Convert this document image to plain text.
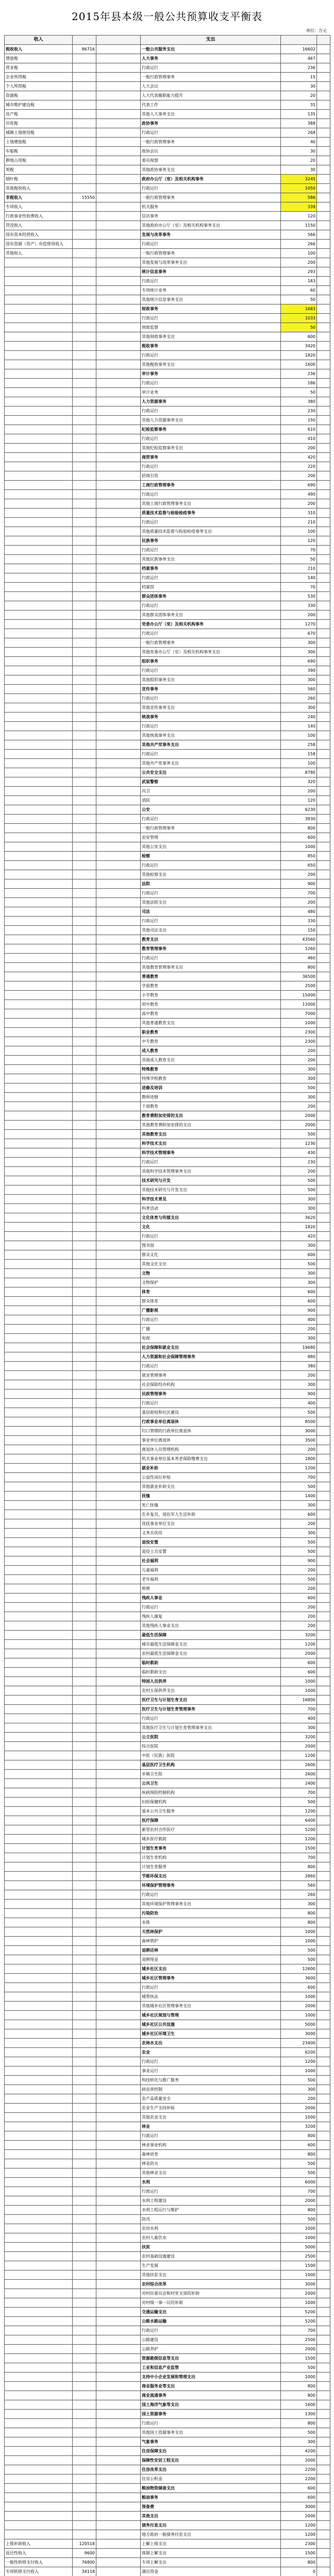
2015年县本级一般公共预算收支平衡表
单位：万元
收入			支出		
税收收入	86716		一般公共服务支出	16602	
增值税			人大事务	467	
营业税			行政运行	236	
企业所得税			一般行政管理事务	15	
个人所得税			人大会议	30	
资源税			人大代表履职能力提升	20	
城市维护建设税			代表工作	31	
房产税			其他人大事务支出	135	
印花税			政协事务	388	
城镇土地使用税			行政运行	268	
土地增值税			一般行政管理事务	40	
车船税			政协会议	30	
耕地占用税			委员视察	20	
契税			其他政协事务支出	30	
烟叶税			政府办公厅（室）及相关机构事务	3245	
其他税收收入			行政运行	1050	
非税收入	15550		一般行政管理事务	586	
专项收入			机关服务	339	
行政事业性收费收入			信访事务	120	
罚没收入			其他政府办公厅（室）及相关机构事务支出	1150	
国有资本经营收入			发展与改革事务	566	
国有资源（资产）有偿使用收入			行政运行	266	
其他收入			一般行政管理事务	100	
			其他发展与改革事务支出	200	
			统计信息事务	293	
			行政运行	183	
			专项统计业务	60	
			其他统计信息事务支出	50	
			财政事务	1683	
			行政运行	1033	
			财政监察	50	
			其他财政事务支出	600	
			税收事务	3420	
			行政运行	1820	
			其他税收事务支出	1600	
			审计事务	236	
			行政运行	186	
			审计业务	50	
			人力资源事务	380	
			行政运行	230	
			其他人力资源事务支出	150	
			纪检监察事务	610	
			行政运行	410	
			其他纪检监察事务支出	200	
			商贸事务	420	
			行政运行	220	
			招商引资	200	
			工商行政管理事务	690	
			行政运行	490	
			其他工商行政管理事务支出	200	
			质量技术监督与检验检疫事务	310	
			行政运行	210	
			其他质量技术监督与检验检疫事务支出	100	
			民族事务	120	
			行政运行	70	
			其他民族事务支出	50	
			档案事务	210	
			行政运行	140	
			档案馆	70	
			群众团体事务	530	
			行政运行	330	
			其他群众团体事务支出	200	
			党委办公厅（室）及相关机构事务	1270	
			行政运行	670	
			一般行政管理事务	300	
			其他党委办公厅（室）及相关机构事务支出	300	
			组织事务	690	
			行政运行	390	
			其他组织事务支出	300	
			宣传事务	560	
			行政运行	260	
			其他宣传事务支出	300	
			统战事务	240	
			行政运行	140	
			其他统战事务支出	100	
			其他共产党事务支出	258	
			行政运行	158	
			其他共产党事务支出	100	
			公共安全支出	8780	
			武装警察	320	
			内卫	200	
			消防	120	
			公安	6230	
			行政运行	3830	
			一般行政管理事务	800	
			治安管理	600	
			其他公安支出	1000	
			检察	850	
			行政运行	650	
			其他检察支出	200	
			法院	900	
			行政运行	700	
			其他法院支出	200	
			司法	480	
			行政运行	330	
			其他司法支出	150	
			教育支出	43560	
			教育管理事务	1260	
			行政运行	460	
			其他教育管理事务支出	800	
			普通教育	36500	
			学前教育	2500	
			小学教育	15000	
			初中教育	11000	
			高中教育	7000	
			其他普通教育支出	1000	
			职业教育	2300	
			中专教育	2300	
			成人教育	200	
			其他成人教育支出	200	
			特殊教育	300	
			特殊学校教育	300	
			进修及培训	500	
			教师进修	300	
			干部教育	200	
			教育费附加安排的支出	2000	
			其他教育费附加安排的支出	2000	
			其他教育支出	500	
			科学技术支出	1230	
			科学技术管理事务	430	
			行政运行	230	
			其他科学技术管理事务支出	200	
			技术研究与开发	500	
			其他技术研究与开发支出	500	
			科学技术普及	300	
			科普活动	300	
			文化体育与传媒支出	3620	
			文化	1820	
			行政运行	420	
			图书馆	300	
			群众文化	600	
			其他文化支出	500	
			文物	300	
			文物保护	300	
			体育	600	
			群众体育	600	
			广播影视	900	
			行政运行	400	
			广播	200	
			电视	300	
			社会保障和就业支出	19680	
			人力资源和社会保障管理事务	880	
			行政运行	380	
			就业管理事务	200	
			社会保险经办机构	300	
			民政管理事务	900	
			行政运行	400	
			基层政权和社区建设	500	
			行政事业单位离退休	8500	
			归口管理的行政单位离退休	3000	
			事业单位离退休	3500	
			离退休人员管理机构	200	
			机关事业单位基本养老保险缴费支出	1800	
			就业补助	1200	
			公益性岗位补贴	700	
			其他就业补助支出	500	
			抚恤	1400	
			死亡抚恤	300	
			在乡复员、退伍军人生活补助	600	
			优抚事业单位支出	200	
			义务兵优待	300	
			退役安置	500	
			退役士兵安置	500	
			社会福利	900	
			儿童福利	200	
			老年福利	500	
			殡葬	200	
			残疾人事业	600	
			行政运行	200	
			残疾人康复	200	
			其他残疾人事业支出	200	
			最低生活保障	3200	
			城市最低生活保障金支出	1200	
			农村最低生活保障金支出	2000	
			临时救助	600	
			临时救助支出	600	
			特困人员供养	1000	
			农村五保供养支出	1000	
			医疗卫生与计划生育支出	16800	
			医疗卫生与计划生育管理事务	700	
			行政运行	400	
			其他医疗卫生与计划生育管理事务支出	300	
			公立医院	3200	
			综合医院	2000	
			中医（民族）医院	1200	
			基层医疗卫生机构	2600	
			乡镇卫生院	2600	
			公共卫生	2400	
			疾病预防控制机构	700	
			妇幼保健机构	500	
			基本公共卫生服务	1200	
			医疗保障	6400	
			新型农村合作医疗	5200	
			城乡医疗救助	1200	
			计划生育事务	1500	
			计划生育机构	700	
			计划生育服务	800	
			节能环保支出	2860	
			环境保护管理事务	560	
			行政运行	260	
			其他环境保护管理事务支出	300	
			污染防治	800	
			水体	800	
			天然林保护	1000	
			森林管护	1000	
			退耕还林	500	
			退耕现金	500	
			城乡社区支出	12600	
			城乡社区管理事务	3600	
			行政运行	600	
			城管执法	1000	
			其他城乡社区管理事务支出	2000	
			城乡社区规划与管理	1000	
			城乡社区公共设施	5000	
			城乡社区环境卫生	3000	
			农林水支出	23400	
			农业	6200	
			行政运行	1200	
			事业运行	1000	
			科技转化与推广服务	500	
			病虫害控制	300	
			农产品质量安全	200	
			农业生产支持补贴	2000	
			其他农业支出	1000	
			林业	3200	
			行政运行	800	
			林业事业机构	600	
			森林培育	800	
			林业防火	500	
			其他林业支出	500	
			水利	6000	
			行政运行	700	
			水利工程建设	2000	
			水利工程运行与维护	800	
			防汛	500	
			农田水利	1000	
			农村人畜饮水	1000	
			扶贫	5000	
			农村基础设施建设	2500	
			生产发展	1500	
			其他扶贫支出	1000	
			农村综合改革	3000	
			对村民委员会和村党支部的补助	2000	
			对村级一事一议的补助	1000	
			交通运输支出	5200	
			公路水路运输	5200	
			行政运行	700	
			公路建设	2500	
			公路养护	2000	
			资源勘探信息等支出	1500	
			工业和信息产业监管	500	
			支持中小企业发展和管理支出	1000	
			商业服务业等支出	800	
			商业流通事务	800	
			国土海洋气象等支出	1600	
			国土资源事务	1300	
			行政运行	800	
			其他国土资源事务支出	500	
			气象事务	300	
			住房保障支出	4200	
			保障性安居工程支出	2000	
			住房改革支出	2200	
			住房公积金	2200	
			粮油物资储备支出	600	
			粮油事务	600	
			预备费	3000	
			其他支出	2000	
			债务付息支出	1200	
			地方政府一般债务付息支出	1200	
上级补助收入	120518		上解上级支出	2300	
返还性收入	9600		体制上解支出	1500	
一般性转移支付收入	76800		专项上解支出	800	
专项转移支付收入	34118		调出资金	0	
